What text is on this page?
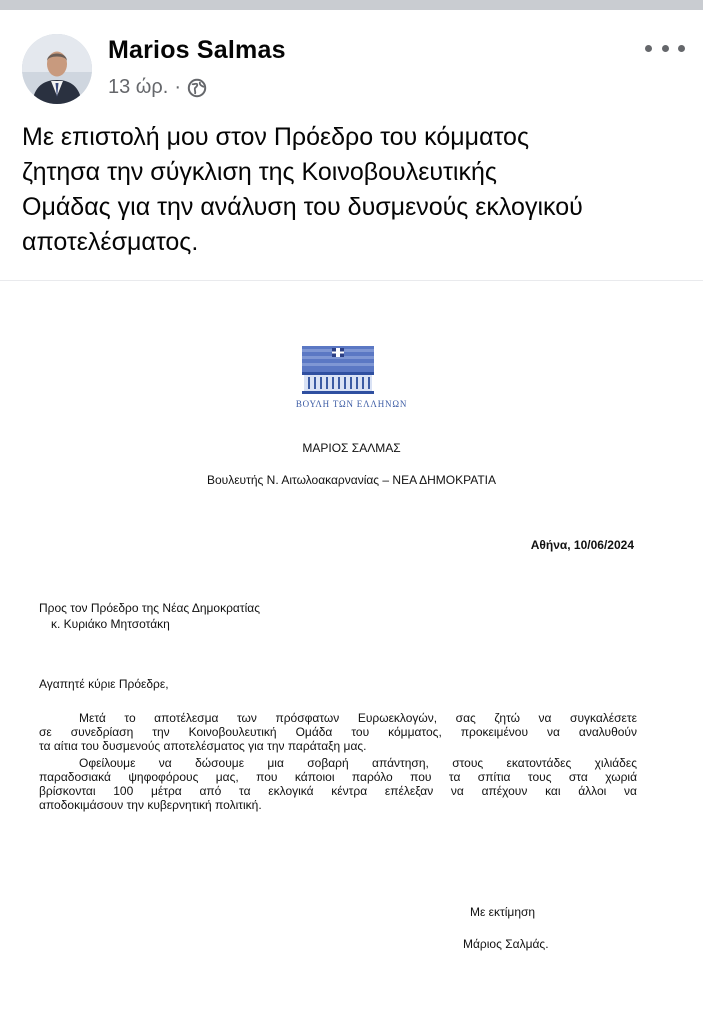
Marios Salmas
13 ώρ. ·
Με επιστολή μου στον Πρόεδρο του κόμματος
ζητησα την σύγκλιση της Κοινοβουλευτικής
Ομάδας για την ανάλυση του δυσμενούς εκλογικού
αποτελέσματος.
ΒΟΥΛΗ ΤΩΝ ΕΛΛΗΝΩΝ
ΜΑΡΙΟΣ ΣΑΛΜΑΣ
Βουλευτής Ν. Αιτωλοακαρνανίας – ΝΕΑ ΔΗΜΟΚΡΑΤΙΑ
Αθήνα, 10/06/2024
Προς τον Πρόεδρο της Νέας Δημοκρατίας
κ. Κυριάκο Μητσοτάκη
Αγαπητέ κύριε Πρόεδρε,
Μετά το αποτέλεσμα των πρόσφατων Ευρωεκλογών, σας ζητώ να συγκαλέσετε
σε συνεδρίαση την Κοινοβουλευτική Ομάδα του κόμματος, προκειμένου να αναλυθούν
τα αίτια του δυσμενούς αποτελέσματος για την παράταξη μας.
Οφείλουμε να δώσουμε μια σοβαρή απάντηση, στους εκατοντάδες χιλιάδες
παραδοσιακά ψηφοφόρους μας, που κάποιοι παρόλο που τα σπίτια τους στα χωριά
βρίσκονται 100 μέτρα από τα εκλογικά κέντρα επέλεξαν να απέχουν και άλλοι να
αποδοκιμάσουν την κυβερνητική πολιτική.
Με εκτίμηση
Μάριος Σαλμάς.
